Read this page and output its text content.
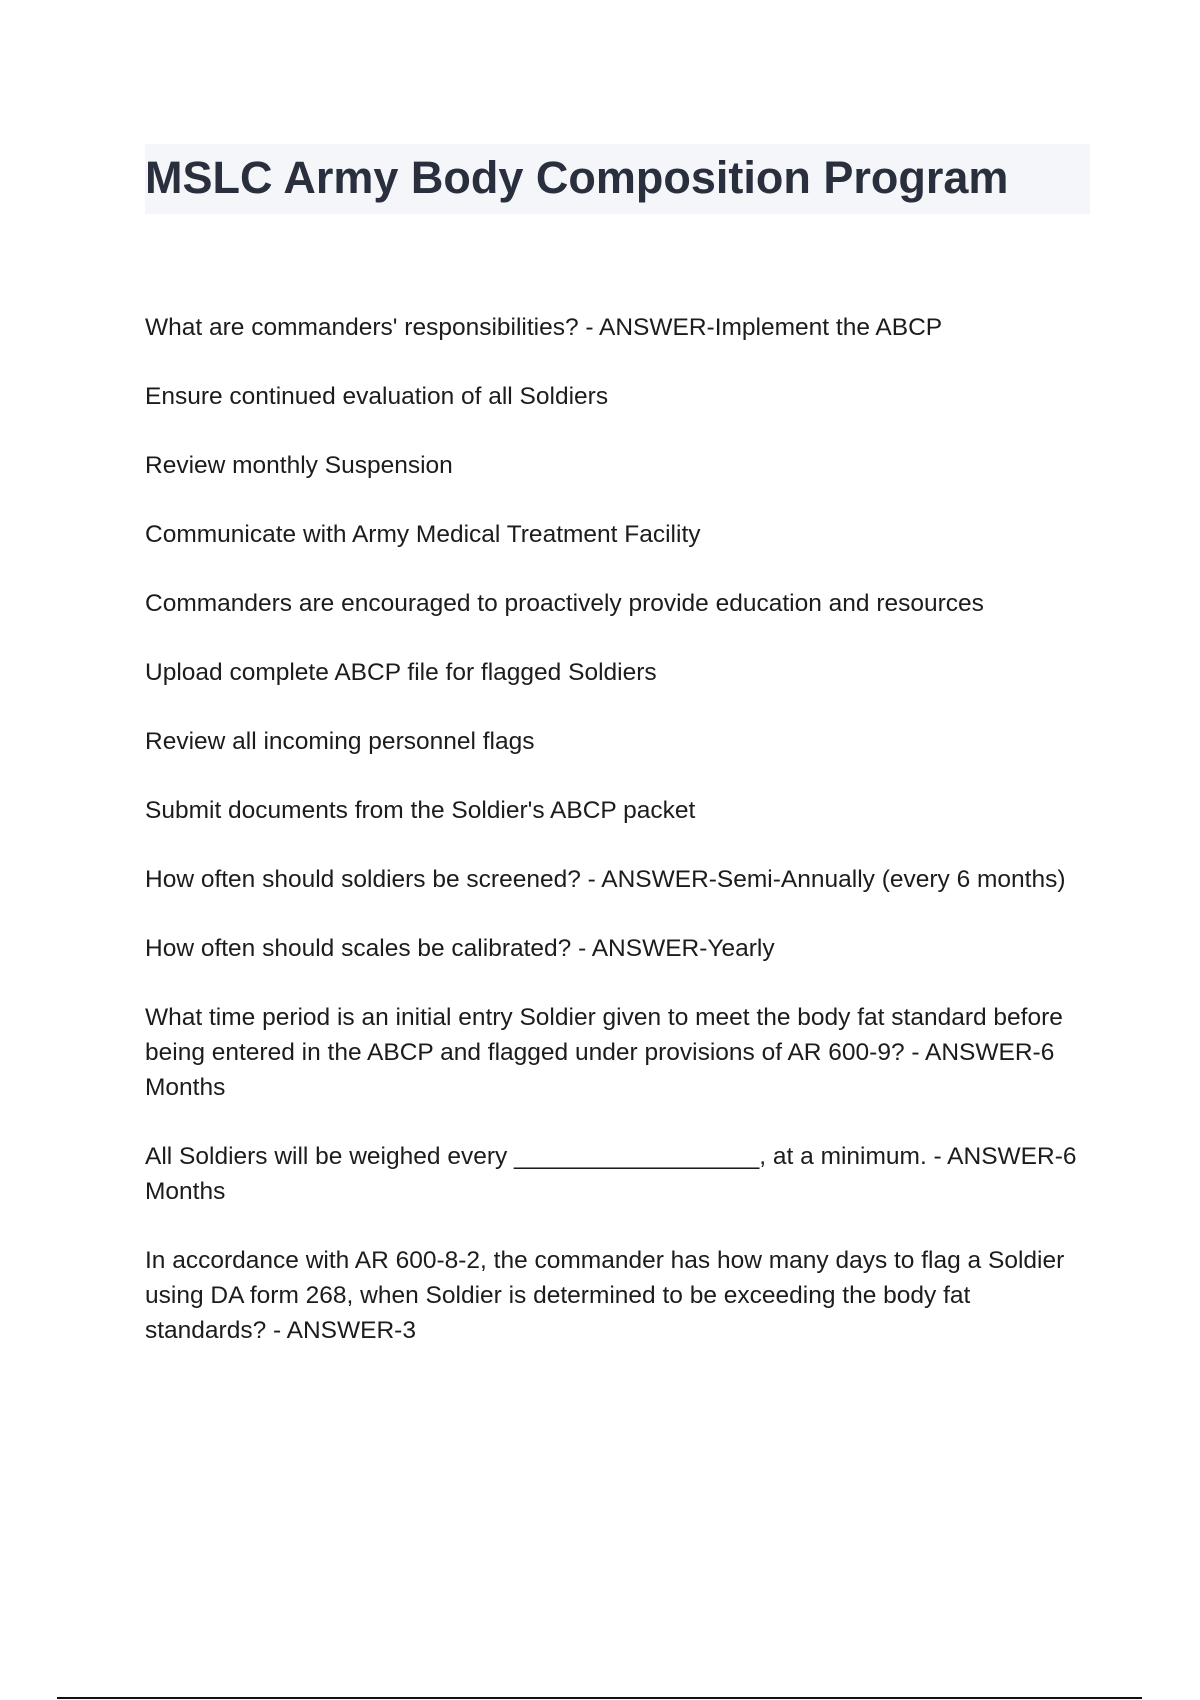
MSLC Army Body Composition Program

What are commanders' responsibilities? - ANSWER-Implement the ABCP

Ensure continued evaluation of all Soldiers

Review monthly Suspension

Communicate with Army Medical Treatment Facility

Commanders are encouraged to proactively provide education and resources

Upload complete ABCP file for flagged Soldiers

Review all incoming personnel flags

Submit documents from the Soldier's ABCP packet

How often should soldiers be screened? - ANSWER-Semi-Annually (every 6 months)

How often should scales be calibrated? - ANSWER-Yearly

What time period is an initial entry Soldier given to meet the body fat standard before being entered in the ABCP and flagged under provisions of AR 600-9? - ANSWER-6 Months

All Soldiers will be weighed every __________________, at a minimum. - ANSWER-6 Months

In accordance with AR 600-8-2, the commander has how many days to flag a Soldier using DA form 268, when Soldier is determined to be exceeding the body fat standards? - ANSWER-3
